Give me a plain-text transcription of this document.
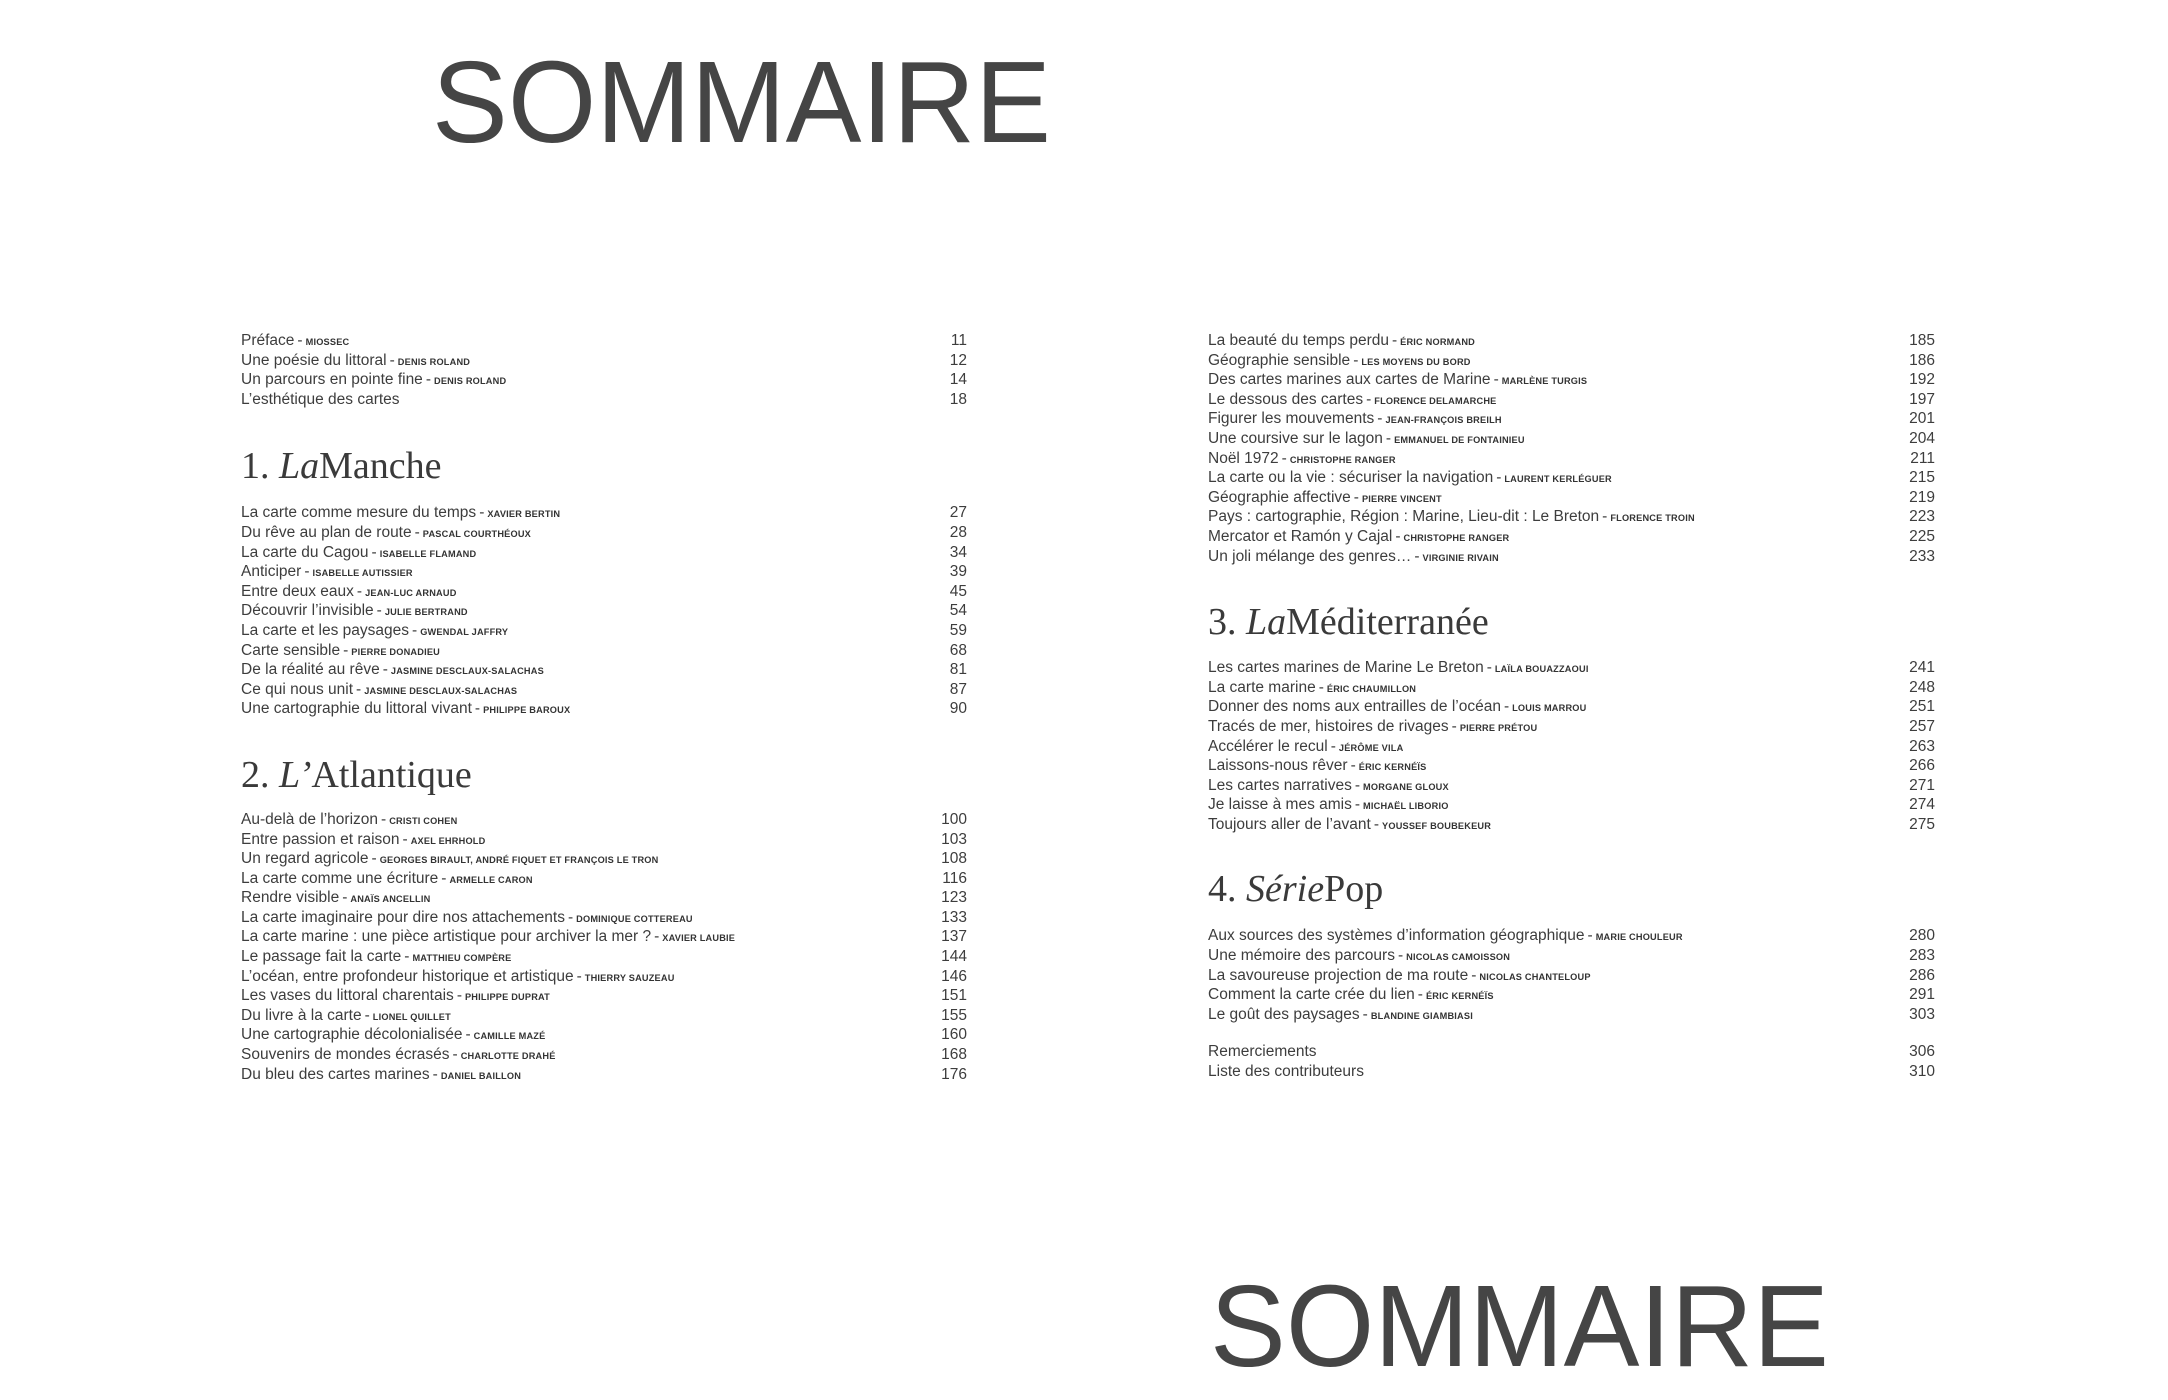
SOMMAIRE
Préface - MIOSSEC	11
Une poésie du littoral - DENIS ROLAND	12
Un parcours en pointe fine - DENIS ROLAND	14
L’esthétique des cartes	18
1. LaManche
La carte comme mesure du temps - XAVIER BERTIN	27
Du rêve au plan de route - PASCAL COURTHÉOUX	28
La carte du Cagou - ISABELLE FLAMAND	34
Anticiper - ISABELLE AUTISSIER	39
Entre deux eaux - JEAN-LUC ARNAUD	45
Découvrir l’invisible - JULIE BERTRAND	54
La carte et les paysages - GWENDAL JAFFRY	59
Carte sensible - PIERRE DONADIEU	68
De la réalité au rêve - JASMINE DESCLAUX-SALACHAS	81
Ce qui nous unit - JASMINE DESCLAUX-SALACHAS	87
Une cartographie du littoral vivant - PHILIPPE BAROUX	90
2. L’Atlantique
Au-delà de l’horizon - CRISTI COHEN	100
Entre passion et raison - AXEL EHRHOLD	103
Un regard agricole - GEORGES BIRAULT, ANDRÉ FIQUET ET FRANÇOIS LE TRON	108
La carte comme une écriture - ARMELLE CARON	116
Rendre visible - ANAÏS ANCELLIN	123
La carte imaginaire pour dire nos attachements - DOMINIQUE COTTEREAU	133
La carte marine : une pièce artistique pour archiver la mer ? - XAVIER LAUBIE	137
Le passage fait la carte - MATTHIEU COMPÈRE	144
L’océan, entre profondeur historique et artistique - THIERRY SAUZEAU	146
Les vases du littoral charentais - PHILIPPE DUPRAT	151
Du livre à la carte - LIONEL QUILLET	155
Une cartographie décolonialisée - CAMILLE MAZÉ	160
Souvenirs de mondes écrasés - CHARLOTTE DRAHÉ	168
Du bleu des cartes marines - DANIEL BAILLON	176
La beauté du temps perdu - ÉRIC NORMAND	185
Géographie sensible - LES MOYENS DU BORD	186
Des cartes marines aux cartes de Marine - MARLÈNE TURGIS	192
Le dessous des cartes - FLORENCE DELAMARCHE	197
Figurer les mouvements - JEAN-FRANÇOIS BREILH	201
Une coursive sur le lagon - EMMANUEL DE FONTAINIEU	204
Noël 1972 - CHRISTOPHE RANGER	211
La carte ou la vie : sécuriser la navigation - LAURENT KERLÉGUER	215
Géographie affective - PIERRE VINCENT	219
Pays : cartographie, Région : Marine, Lieu-dit : Le Breton - FLORENCE TROIN	223
Mercator et Ramón y Cajal - CHRISTOPHE RANGER	225
Un joli mélange des genres… - VIRGINIE RIVAIN	233
3. LaMéditerranée
Les cartes marines de Marine Le Breton - LAÏLA BOUAZZAOUI	241
La carte marine - ÉRIC CHAUMILLON	248
Donner des noms aux entrailles de l’océan - LOUIS MARROU	251
Tracés de mer, histoires de rivages - PIERRE PRÉTOU	257
Accélérer le recul - JÉRÔME VILA	263
Laissons-nous rêver - ÉRIC KERNÉÏS	266
Les cartes narratives - MORGANE GLOUX	271
Je laisse à mes amis - MICHAËL LIBORIO	274
Toujours aller de l’avant - YOUSSEF BOUBEKEUR	275
4. SériePop
Aux sources des systèmes d’information géographique - MARIE CHOULEUR	280
Une mémoire des parcours - NICOLAS CAMOISSON	283
La savoureuse projection de ma route - NICOLAS CHANTELOUP	286
Comment la carte crée du lien - ÉRIC KERNÉÏS	291
Le goût des paysages - BLANDINE GIAMBIASI	303
Remerciements	306
Liste des contributeurs	310
SOMMAIRE
